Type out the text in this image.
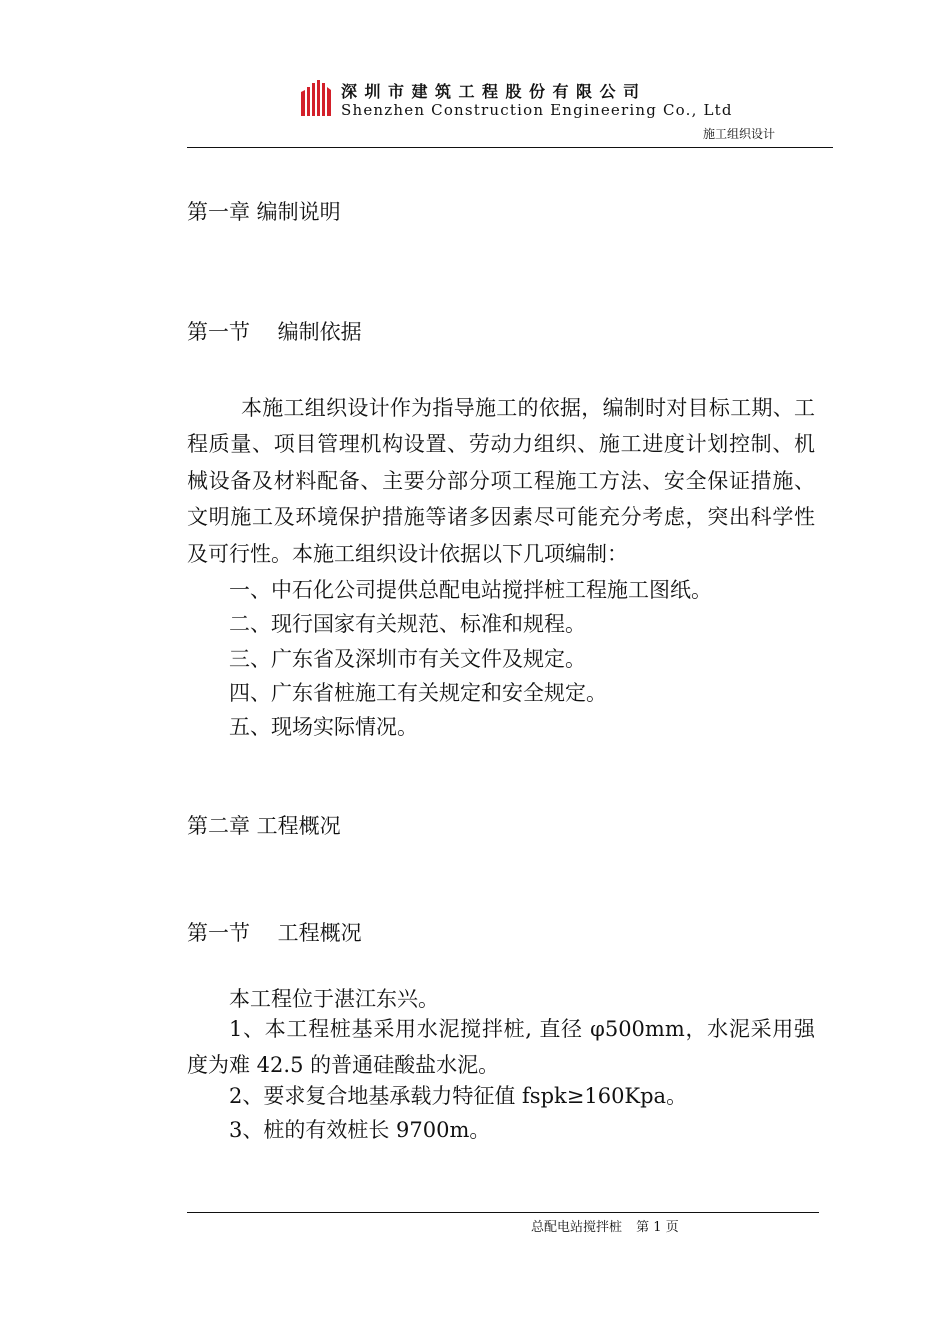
深圳市建筑工程股份有限公司
Shenzhen Construction Engineering Co., Ltd
施工组织设计
第一章 编制说明
第一节　 编制依据
本施工组织设计作为指导施工的依据，编制时对目标工期、工程质量、项目管理机构设置、劳动力组织、施工进度计划控制、机械设备及材料配备、主要分部分项工程施工方法、安全保证措施、文明施工及环境保护措施等诸多因素尽可能充分考虑，突出科学性及可行性。本施工组织设计依据以下几项编制：
一、中石化公司提供总配电站搅拌桩工程施工图纸。
二、现行国家有关规范、标准和规程。
三、广东省及深圳市有关文件及规定。
四、广东省桩施工有关规定和安全规定。
五、现场实际情况。
第二章 工程概况
第一节　 工程概况
本工程位于湛江东兴。
1、本工程桩基采用水泥搅拌桩, 直径 φ500mm，水泥采用强度为难 42.5 的普通硅酸盐水泥。
2、要求复合地基承载力特征值 fspk≥160Kpa。
3、桩的有效桩长 9700m。
总配电站搅拌桩 第 1 页
